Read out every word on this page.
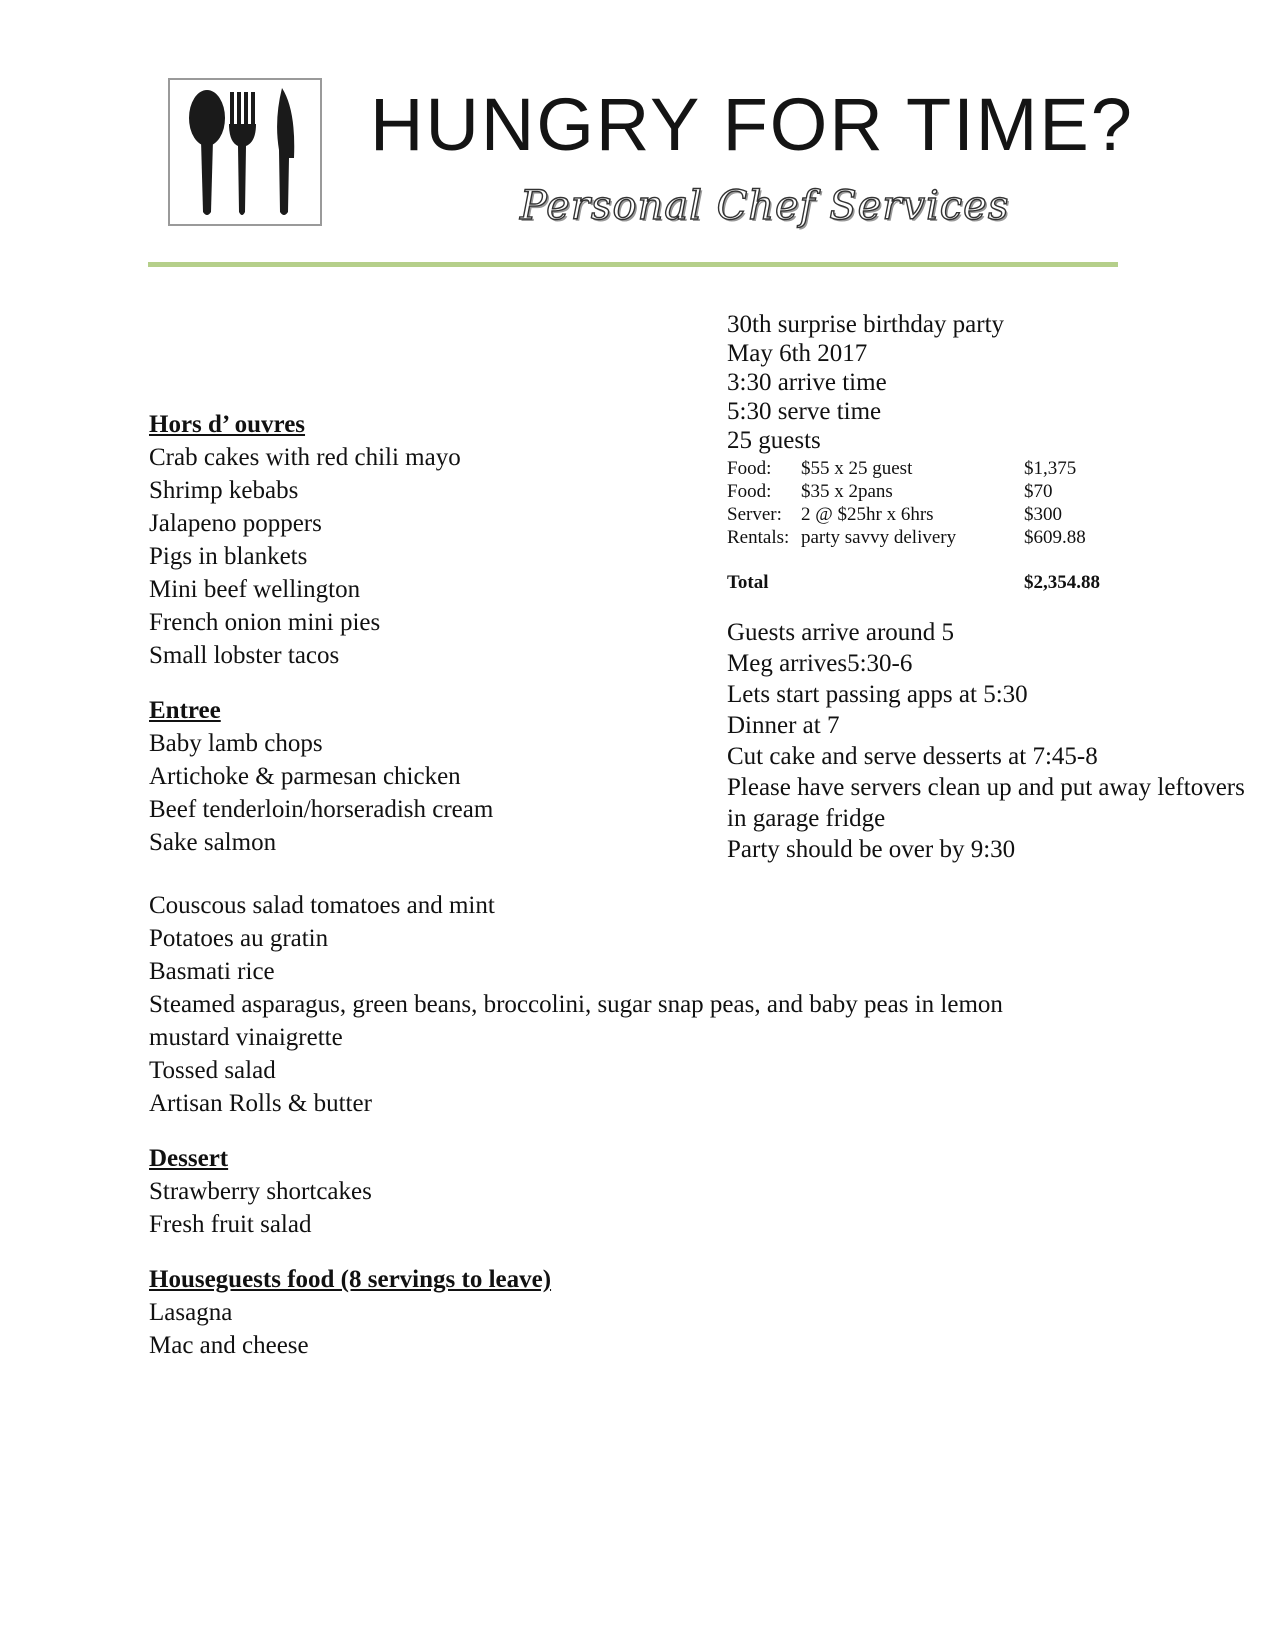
HUNGRY FOR TIME?
Personal Chef Services
30th surprise birthday party
May 6th 2017
3:30 arrive time
5:30 serve time
25 guests
Food: $55 x 25 guest	$1,375
Food: $35 x 2pans	$70
Server: 2 @ $25hr x 6hrs	$300
Rentals: party savvy delivery	$609.88
Total	$2,354.88
Guests arrive around 5
Meg arrives5:30-6
Lets start passing apps at 5:30
Dinner at 7
Cut cake and serve desserts at 7:45-8
Please have servers clean up and put away leftovers in garage fridge
Party should be over by 9:30
Hors d’ ouvres
Crab cakes with red chili mayo
Shrimp kebabs
Jalapeno poppers
Pigs in blankets
Mini beef wellington
French onion mini pies
Small lobster tacos
Entree
Baby lamb chops
Artichoke & parmesan chicken
Beef tenderloin/horseradish cream
Sake salmon
Couscous salad tomatoes and mint
Potatoes au gratin
Basmati rice
Steamed asparagus, green beans, broccolini, sugar snap peas, and baby peas in lemon mustard vinaigrette
Tossed salad
Artisan Rolls & butter
Dessert
Strawberry shortcakes
Fresh fruit salad
Houseguests food (8 servings to leave)
Lasagna
Mac and cheese
